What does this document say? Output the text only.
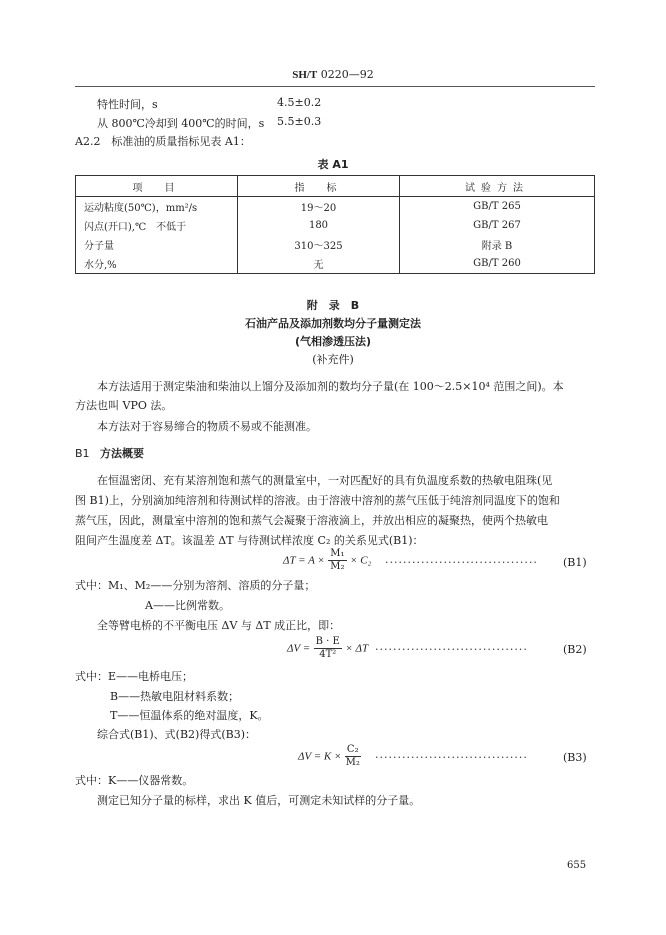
SH/T 0220—92
特性时间，s	4.5±0.2
从 800℃冷却到 400℃的时间，s 5.5±0.3
A2.2　标准油的质量指标见表 A1：
表 A1
项　目	指　标	试验方法
运动粘度(50℃)，mm²/s	19～20	GB/T 265
闪点(开口),℃　不低于	180	GB/T 267
分子量	310～325	附录 B
水分,%	无	GB/T 260
附　录　B
石油产品及添加剂数均分子量测定法
(气相渗透压法)
(补充件)
本方法适用于测定柴油和柴油以上馏分及添加剂的数均分子量(在 100～2.5×10⁴ 范围之间)。本
方法也叫 VPO 法。
本方法对于容易缔合的物质不易或不能测准。
B1 方法概要
在恒温密闭、充有某溶剂饱和蒸气的测量室中，一对匹配好的具有负温度系数的热敏电阻珠(见
图 B1)上，分别滴加纯溶剂和待测试样的溶液。由于溶液中溶剂的蒸气压低于纯溶剂同温度下的饱和
蒸气压，因此，测量室中溶剂的饱和蒸气会凝聚于溶液滴上，并放出相应的凝聚热，使两个热敏电
阻间产生温度差 ΔT。该温差 ΔT 与待测试样浓度 C₂ 的关系见式(B1)：
$\Delta T = A \times \frac{\text{M₁}}{\text{M₂}} \times C_2$ ·································· (B1)
式中：M₁、M₂——分别为溶剂、溶质的分子量；
A——比例常数。
全等臂电桥的不平衡电压 ΔV 与 ΔT 成正比，即：
$\Delta V = \frac{B \cdot E}{\text{4T²}} \times \Delta T$ ··································	(B2)
式中：E——电桥电压；
B——热敏电阻材料系数；
T——恒温体系的绝对温度，K。
综合式(B1)、式(B2)得式(B3)：
$\Delta V = K \times \frac{\text{C₂}}{\text{M₂}}$ ··································	(B3)
式中：K——仪器常数。
测定已知分子量的标样，求出 K 值后，可测定未知试样的分子量。
655
